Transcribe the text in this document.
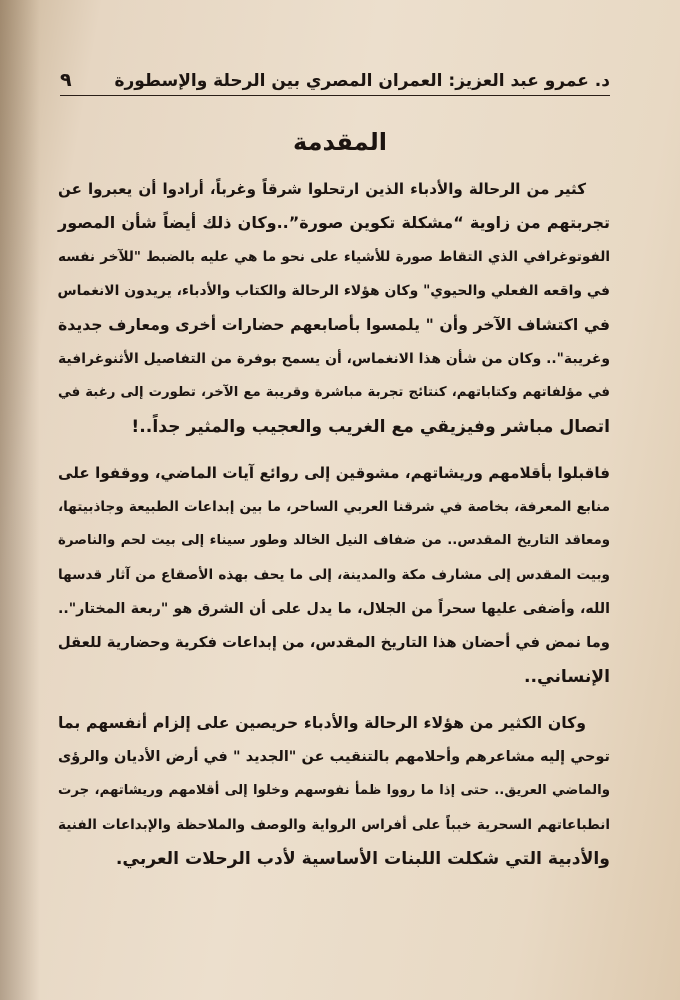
د. عمرو عبد العزيز: العمران المصري بين الرحلة والإسطورة
٩
المقدمة
كثير من الرحالة والأدباء الذين ارتحلوا شرقاً وغرباً، أرادوا أن يعبروا عن
تجربتهم من زاوية “مشكلة تكوين صورة”..وكان ذلك أيضاً شأن المصور
الفوتوغرافي الذي التقاط صورة للأشياء على نحو ما هي عليه بالضبط "للآخر نفسه
في واقعه الفعلي والحيوي" وكان هؤلاء الرحالة والكتاب والأدباء، يريدون الانغماس
في اكتشاف الآخر وأن " يلمسوا بأصابعهم حضارات أخرى ومعارف جديدة
وغريبة".. وكان من شأن هذا الانغماس، أن يسمح بوفرة من التفاصيل الأثنوغرافية
في مؤلفاتهم وكتاباتهم، كنتائج تجربة مباشرة وقريبة مع الآخر، تطورت إلى رغبة في
اتصال مباشر وفيزيقي مع الغريب والعجيب والمثير جداً..!
فاقبلوا بأقلامهم وريشاتهم، مشوقين إلى روائع آيات الماضي، ووقفوا على
منابع المعرفة، بخاصة في شرقنا العربي الساحر، ما بين إبداعات الطبيعة وجاذبيتها،
ومعاقد التاريخ المقدس.. من ضفاف النيل الخالد وطور سيناء إلى بيت لحم والناصرة
وبيت المقدس إلى مشارف مكة والمدينة، إلى ما يحف بهذه الأصقاع من آثار قدسها
الله، وأضفى عليها سحراً من الجلال، ما يدل على أن الشرق هو "ربعة المختار"..
وما نمض في أحضان هذا التاريخ المقدس، من إبداعات فكرية وحضارية للعقل
الإنساني..
وكان الكثير من هؤلاء الرحالة والأدباء حريصين على إلزام أنفسهم بما
توحي إليه مشاعرهم وأحلامهم بالتنقيب عن "الجديد " في أرض الأديان والرؤى
والماضي العريق.. حتى إذا ما رووا ظمأ نفوسهم وخلوا إلى أقلامهم وريشاتهم، جرت
انطباعاتهم السحرية خبباً على أفراس الرواية والوصف والملاحظة والإبداعات الفنية
والأدبية التي شكلت اللبنات الأساسية لأدب الرحلات العربي.
